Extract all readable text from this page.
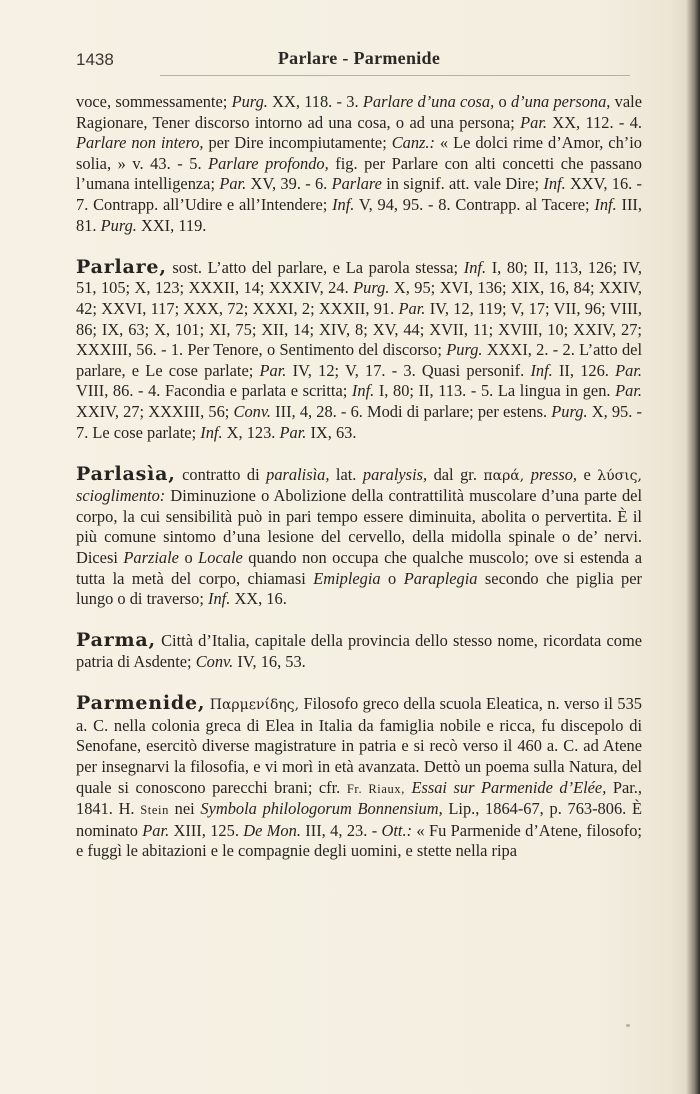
1438	Parlare - Parmenide

voce, sommessamente; Purg. XX, 118. - 3. Parlare d’una cosa, o d’una persona, vale Ragionare, Tener discorso intorno ad una cosa, o ad una persona; Par. XX, 112. - 4. Parlare non intero, per Dire incompiutamente; Canz.: « Le dolci rime d’Amor, ch’io solia, » v. 43. - 5. Parlare profondo, fig. per Parlare con alti concetti che passano l’umana intelligenza; Par. XV, 39. - 6. Parlare in signif. att. vale Dire; Inf. XXV, 16. - 7. Contrapp. all’Udire e all’Intendere; Inf. V, 94, 95. - 8. Contrapp. al Tacere; Inf. III, 81. Purg. XXI, 119.

Parlare, sost. L’atto del parlare, e La parola stessa; Inf. I, 80; II, 113, 126; IV, 51, 105; X, 123; XXXII, 14; XXXIV, 24. Purg. X, 95; XVI, 136; XIX, 16, 84; XXIV, 42; XXVI, 117; XXX, 72; XXXI, 2; XXXII, 91. Par. IV, 12, 119; V, 17; VII, 96; VIII, 86; IX, 63; X, 101; XI, 75; XII, 14; XIV, 8; XV, 44; XVII, 11; XVIII, 10; XXIV, 27; XXXIII, 56. - 1. Per Tenore, o Sentimento del discorso; Purg. XXXI, 2. - 2. L’atto del parlare, e Le cose parlate; Par. IV, 12; V, 17. - 3. Quasi personif. Inf. II, 126. Par. VIII, 86. - 4. Facondia e parlata e scritta; Inf. I, 80; II, 113. - 5. La lingua in gen. Par. XXIV, 27; XXXIII, 56; Conv. III, 4, 28. - 6. Modi di parlare; per estens. Purg. X, 95. - 7. Le cose parlate; Inf. X, 123. Par. IX, 63.

Parlasìa, contratto di paralisìa, lat. paralysis, dal gr. παρά, presso, e λύσις, scioglimento: Diminuzione o Abolizione della contrattilità muscolare d’una parte del corpo, la cui sensibilità può in pari tempo essere diminuita, abolita o pervertita. È il più comune sintomo d’una lesione del cervello, della midolla spinale o de’ nervi. Dicesi Parziale o Locale quando non occupa che qualche muscolo; ove si estenda a tutta la metà del corpo, chiamasi Emiplegia o Paraplegia secondo che piglia per lungo o di traverso; Inf. XX, 16.

Parma, Città d’Italia, capitale della provincia dello stesso nome, ricordata come patria di Asdente; Conv. IV, 16, 53.

Parmenide, Παρμενίδης, Filosofo greco della scuola Eleatica, n. verso il 535 a. C. nella colonia greca di Elea in Italia da famiglia nobile e ricca, fu discepolo di Senofane, esercitò diverse magistrature in patria e si recò verso il 460 a. C. ad Atene per insegnarvi la filosofia, e vi morì in età avanzata. Dettò un poema sulla Natura, del quale si conoscono parecchi brani; cfr. Fr. Riaux, Essai sur Parmenide d’Elée, Par., 1841. H. Stein nei Symbola philologorum Bonnensium, Lip., 1864-67, p. 763-806. È nominato Par. XIII, 125. De Mon. III, 4, 23. - Ott.: « Fu Parmenide d’Atene, filosofo; e fuggì le abitazioni e le compagnie degli uomini, e stette nella ripa
